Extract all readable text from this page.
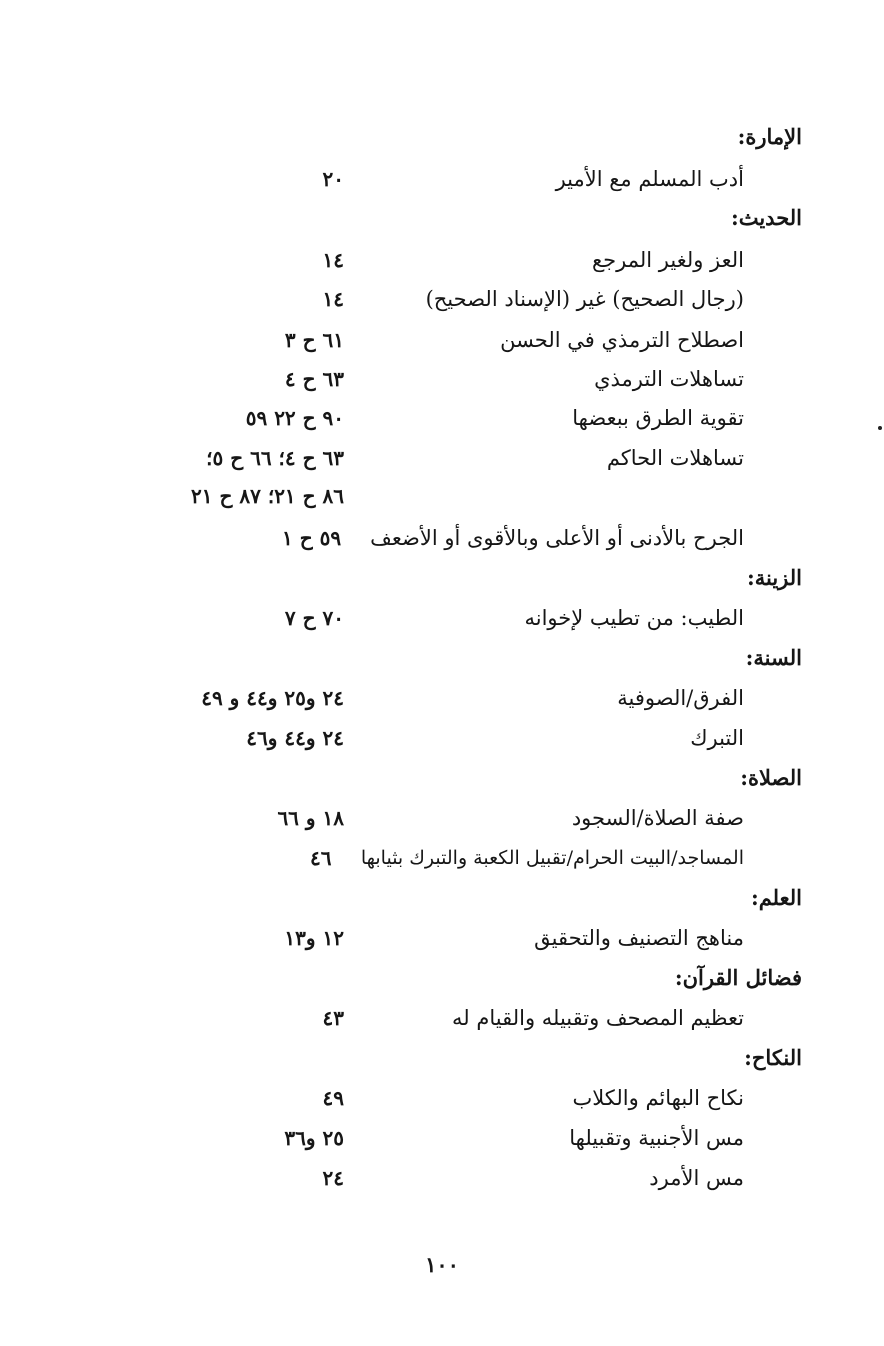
الإمارة:
أدب المسلم مع الأمير
٢٠
الحديث:
العز ولغير المرجع
١٤
(رجال الصحيح) غير (الإسناد الصحيح)
١٤
اصطلاح الترمذي في الحسن
٦١ ح ٣
تساهلات الترمذي
٦٣ ح ٤
تقوية الطرق ببعضها
٩٠ ح ٢٢ ٥٩
تساهلات الحاكم
٦٣ ح ٤؛ ٦٦ ح ٥؛
٨٦ ح ٢١؛ ٨٧ ح ٢١
الجرح بالأدنى أو الأعلى وبالأقوى أو الأضعف
٥٩ ح ١
الزينة:
الطيب: من تطيب لإخوانه
٧٠ ح ٧
السنة:
الفرق/الصوفية
٢٤ و٢٥ و٤٤ و ٤٩
التبرك
٢٤ و٤٤ و٤٦
الصلاة:
صفة الصلاة/السجود
١٨ و ٦٦
المساجد/البيت الحرام/تقبيل الكعبة والتبرك بثيابها
٤٦
العلم:
مناهج التصنيف والتحقيق
١٢ و١٣
فضائل القرآن:
تعظيم المصحف وتقبيله والقيام له
٤٣
النكاح:
نكاح البهائم والكلاب
٤٩
مس الأجنبية وتقبيلها
٢٥ و٣٦
مس الأمرد
٢٤
١٠٠
